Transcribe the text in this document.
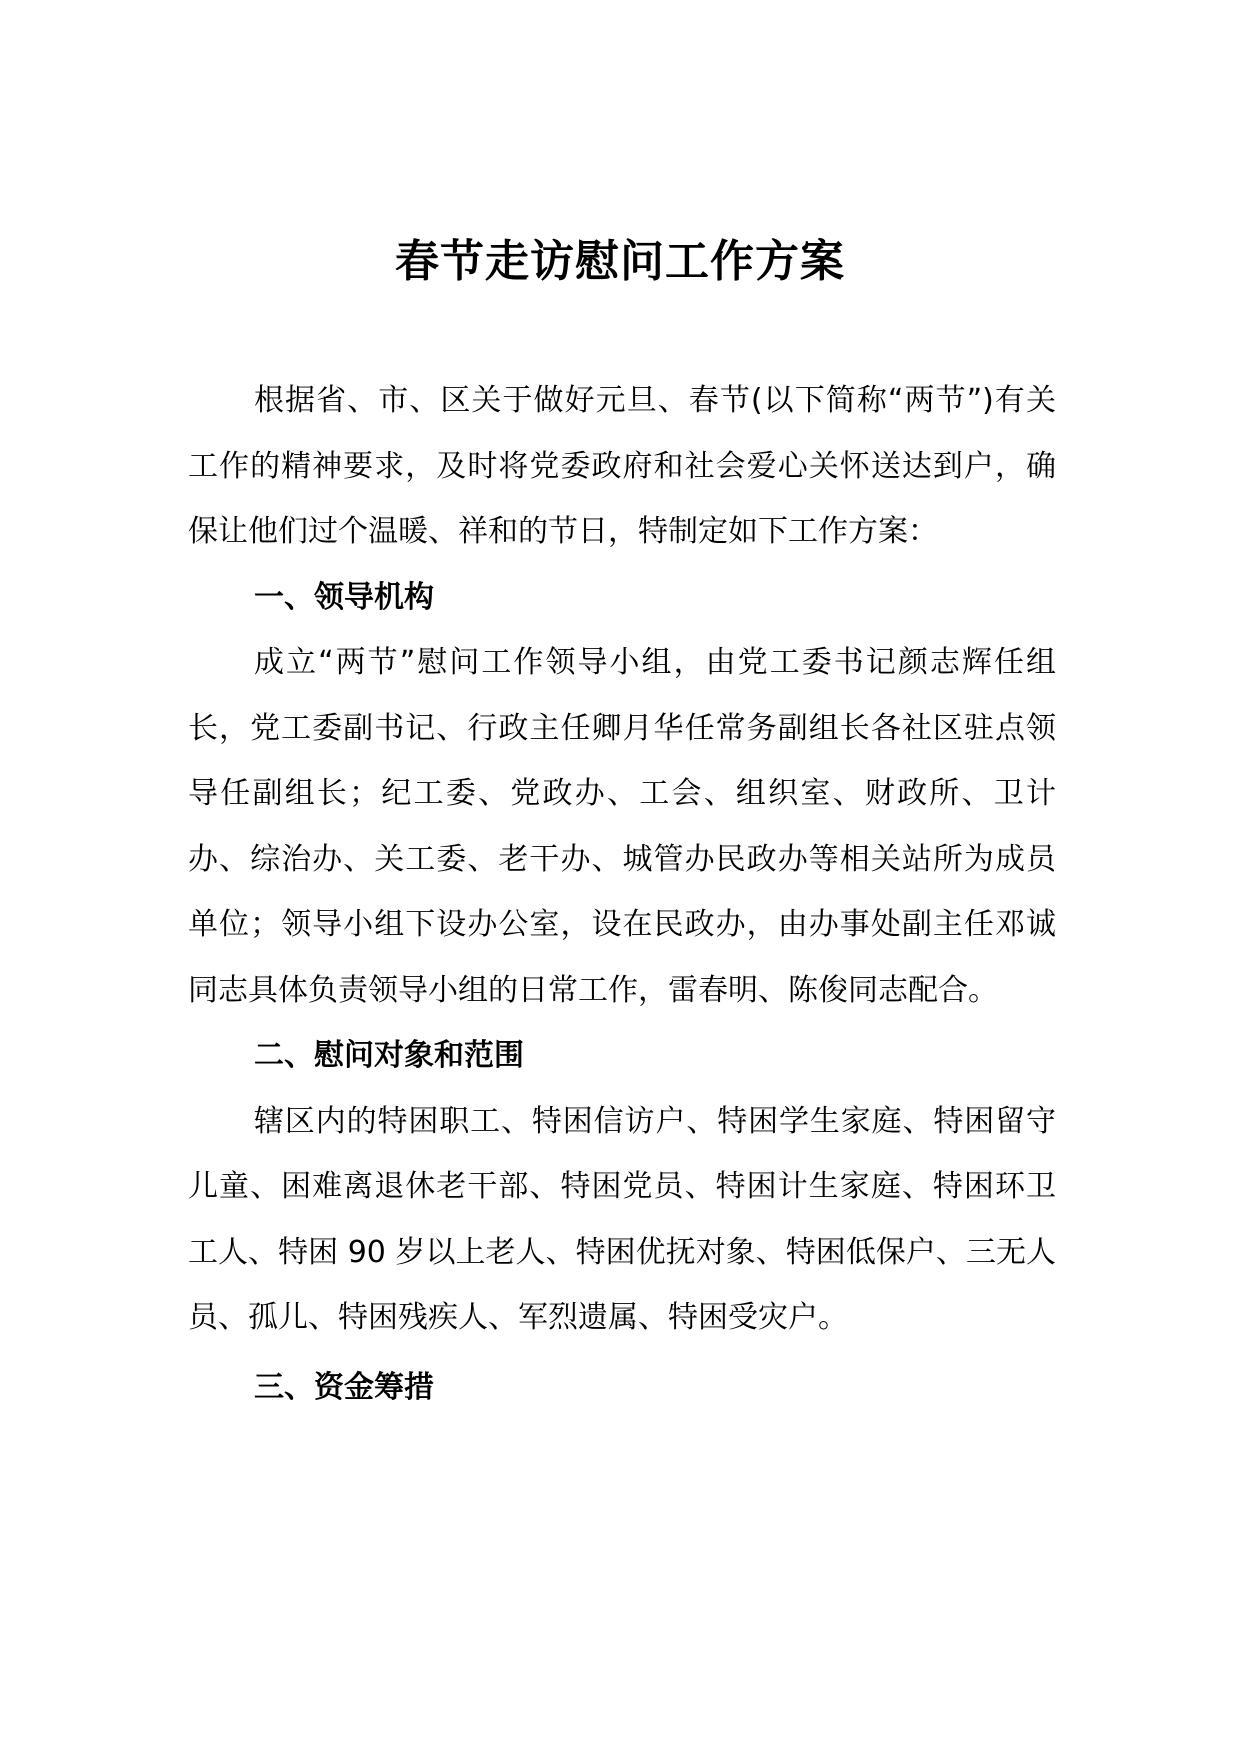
春节走访慰问工作方案

根据省、市、区关于做好元旦、春节(以下简称“两节”)有关工作的精神要求，及时将党委政府和社会爱心关怀送达到户，确保让他们过个温暖、祥和的节日，特制定如下工作方案：

一、领导机构

成立“两节”慰问工作领导小组，由党工委书记颜志辉任组长，党工委副书记、行政主任卿月华任常务副组长各社区驻点领导任副组长；纪工委、党政办、工会、组织室、财政所、卫计办、综治办、关工委、老干办、城管办民政办等相关站所为成员单位；领导小组下设办公室，设在民政办，由办事处副主任邓诚同志具体负责领导小组的日常工作，雷春明、陈俊同志配合。

二、慰问对象和范围

辖区内的特困职工、特困信访户、特困学生家庭、特困留守儿童、困难离退休老干部、特困党员、特困计生家庭、特困环卫工人、特困 90 岁以上老人、特困优抚对象、特困低保户、三无人员、孤儿、特困残疾人、军烈遗属、特困受灾户。

三、资金筹措
